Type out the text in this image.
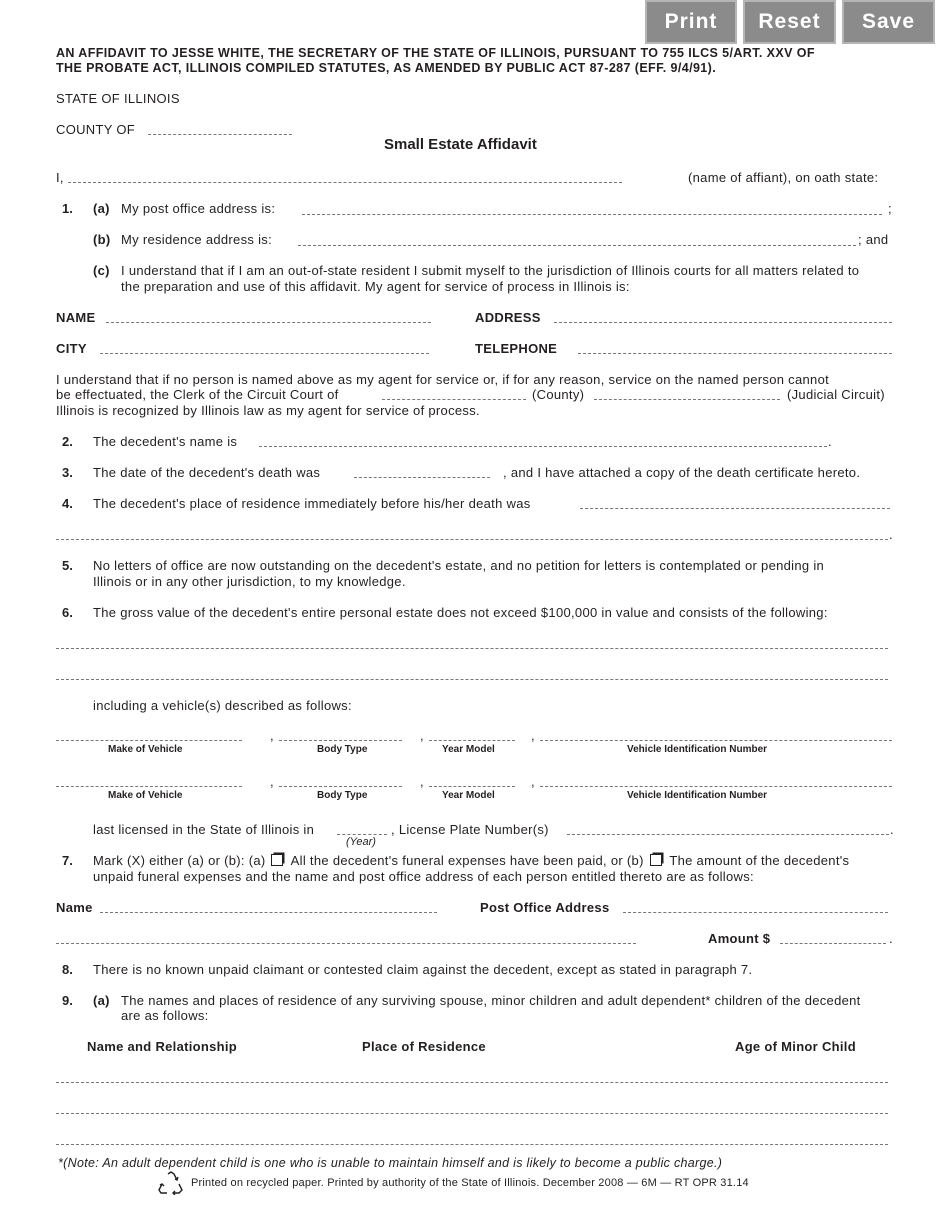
Print	Reset	Save
AN AFFIDAVIT TO JESSE WHITE, THE SECRETARY OF THE STATE OF ILLINOIS, PURSUANT TO 755 ILCS 5/ART. XXV OF
THE PROBATE ACT, ILLINOIS COMPILED STATUTES, AS AMENDED BY PUBLIC ACT 87-287 (EFF. 9/4/91).
STATE OF ILLINOIS
COUNTY OF
Small Estate Affidavit
I,	(name of affiant), on oath state:
1. (a) My post office address is:	;
(b) My residence address is:	; and
(c) I understand that if I am an out-of-state resident I submit myself to the jurisdiction of Illinois courts for all matters related to
the preparation and use of this affidavit. My agent for service of process in Illinois is:
NAME	ADDRESS
CITY	TELEPHONE
I understand that if no person is named above as my agent for service or, if for any reason, service on the named person cannot
be effectuated, the Clerk of the Circuit Court of	(County)	(Judicial Circuit)
Illinois is recognized by Illinois law as my agent for service of process.
2. The decedent's name is	.
3. The date of the decedent's death was	, and I have attached a copy of the death certificate hereto.
4. The decedent's place of residence immediately before his/her death was
.
5. No letters of office are now outstanding on the decedent's estate, and no petition for letters is contemplated or pending in
Illinois or in any other jurisdiction, to my knowledge.
6. The gross value of the decedent's entire personal estate does not exceed $100,000 in value and consists of the following:
including a vehicle(s) described as follows:
,	,	,
Make of Vehicle	Body Type	Year Model	Vehicle Identification Number
,	,	,
Make of Vehicle	Body Type	Year Model	Vehicle Identification Number
last licensed in the State of Illinois in	, License Plate Number(s)	.
(Year)
7. Mark (X) either (a) or (b): (a) All the decedent's funeral expenses have been paid, or (b) The amount of the decedent's
unpaid funeral expenses and the name and post office address of each person entitled thereto are as follows:
Name	Post Office Address
Amount $	.
8. There is no known unpaid claimant or contested claim against the decedent, except as stated in paragraph 7.
9. (a) The names and places of residence of any surviving spouse, minor children and adult dependent* children of the decedent
are as follows:
Name and Relationship	Place of Residence	Age of Minor Child
*(Note: An adult dependent child is one who is unable to maintain himself and is likely to become a public charge.)
Printed on recycled paper. Printed by authority of the State of Illinois. December 2008 — 6M — RT OPR 31.14
